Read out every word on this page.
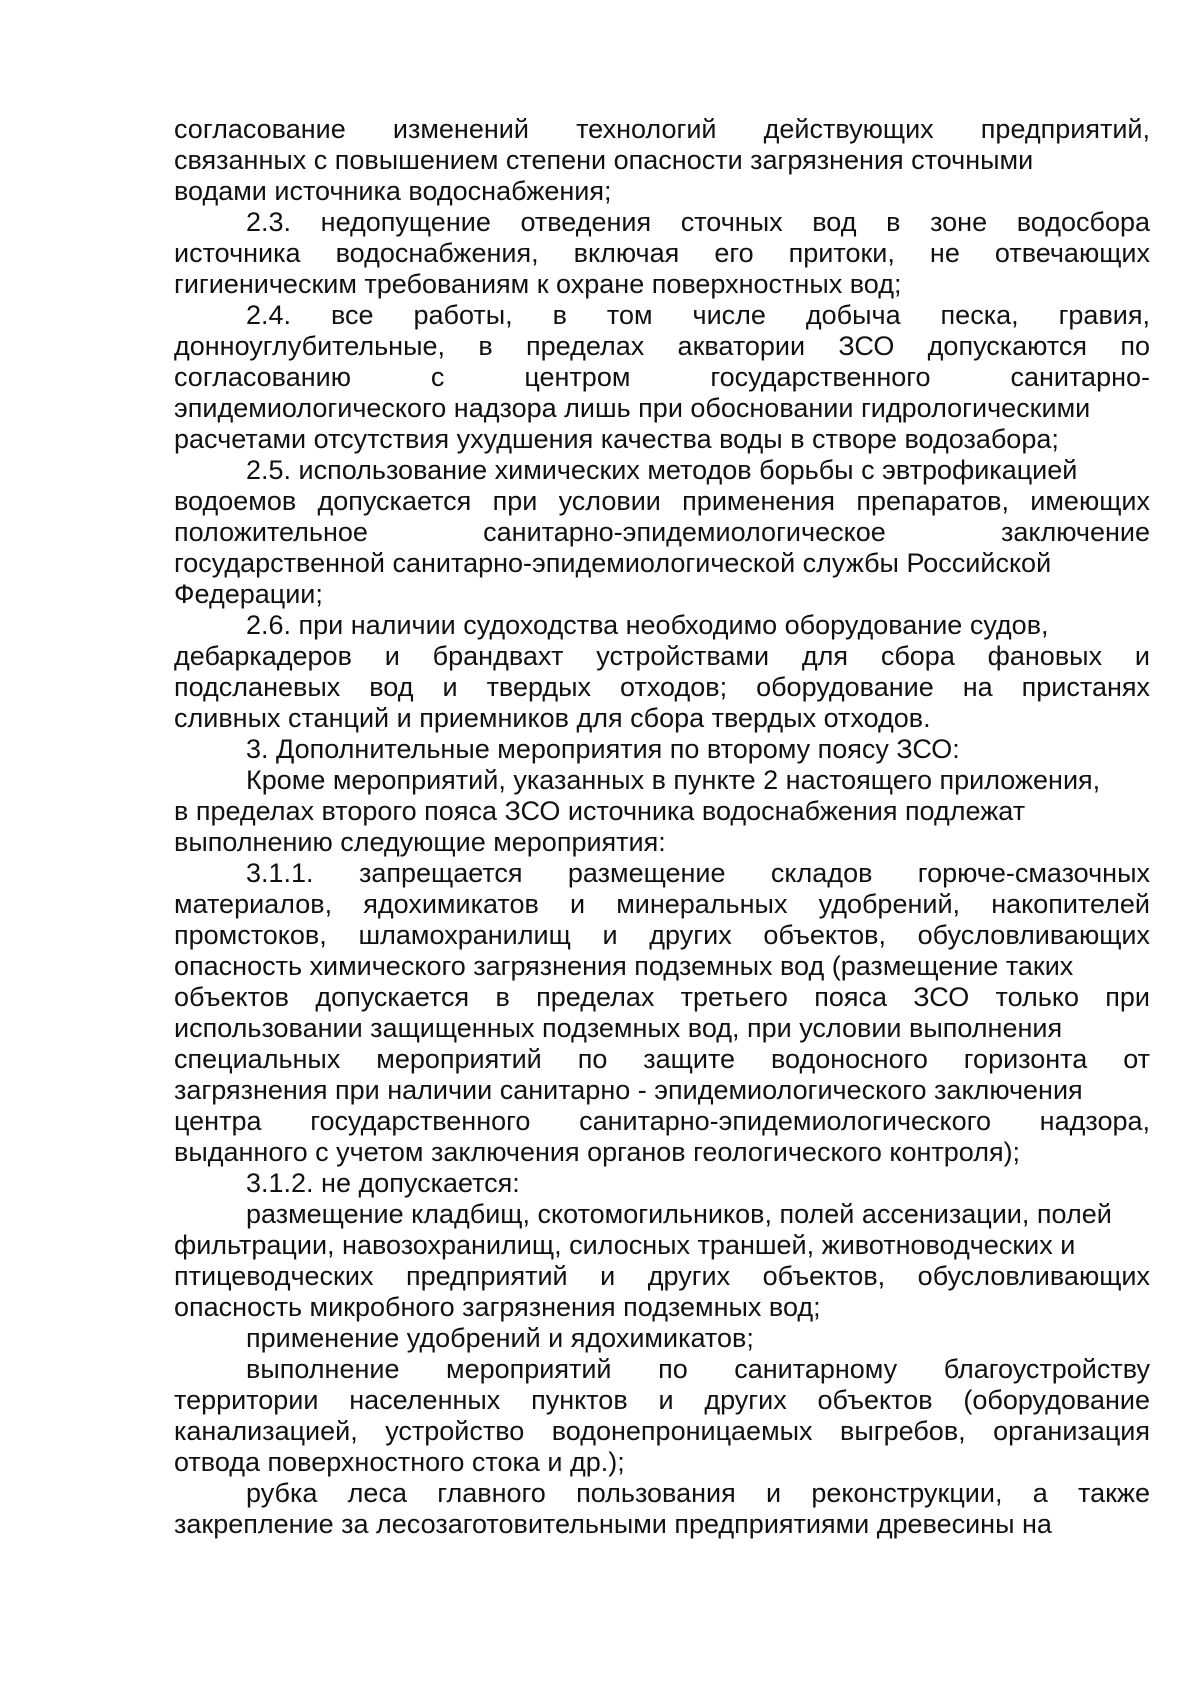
согласование изменений технологий действующих предприятий,
связанных с повышением степени опасности загрязнения сточными
водами источника водоснабжения;
2.3. недопущение отведения сточных вод в зоне водосбора
источника водоснабжения, включая его притоки, не отвечающих
гигиеническим требованиям к охране поверхностных вод;
2.4. все работы, в том числе добыча песка, гравия,
донноуглубительные, в пределах акватории ЗСО допускаются по
согласованию с центром государственного санитарно-
эпидемиологического надзора лишь при обосновании гидрологическими
расчетами отсутствия ухудшения качества воды в створе водозабора;
2.5. использование химических методов борьбы с эвтрофикацией
водоемов допускается при условии применения препаратов, имеющих
положительное санитарно-эпидемиологическое заключение
государственной санитарно-эпидемиологической службы Российской
Федерации;
2.6. при наличии судоходства необходимо оборудование судов,
дебаркадеров и брандвахт устройствами для сбора фановых и
подсланевых вод и твердых отходов; оборудование на пристанях
сливных станций и приемников для сбора твердых отходов.
3. Дополнительные мероприятия по второму поясу ЗСО:
Кроме мероприятий, указанных в пункте 2 настоящего приложения,
в пределах второго пояса ЗСО источника водоснабжения подлежат
выполнению следующие мероприятия:
3.1.1. запрещается размещение складов горюче-смазочных
материалов, ядохимикатов и минеральных удобрений, накопителей
промстоков, шламохранилищ и других объектов, обусловливающих
опасность химического загрязнения подземных вод (размещение таких
объектов допускается в пределах третьего пояса ЗСО только при
использовании защищенных подземных вод, при условии выполнения
специальных мероприятий по защите водоносного горизонта от
загрязнения при наличии санитарно - эпидемиологического заключения
центра государственного санитарно-эпидемиологического надзора,
выданного с учетом заключения органов геологического контроля);
3.1.2. не допускается:
размещение кладбищ, скотомогильников, полей ассенизации, полей
фильтрации, навозохранилищ, силосных траншей, животноводческих и
птицеводческих предприятий и других объектов, обусловливающих
опасность микробного загрязнения подземных вод;
применение удобрений и ядохимикатов;
выполнение мероприятий по санитарному благоустройству
территории населенных пунктов и других объектов (оборудование
канализацией, устройство водонепроницаемых выгребов, организация
отвода поверхностного стока и др.);
рубка леса главного пользования и реконструкции, а также
закрепление за лесозаготовительными предприятиями древесины на
